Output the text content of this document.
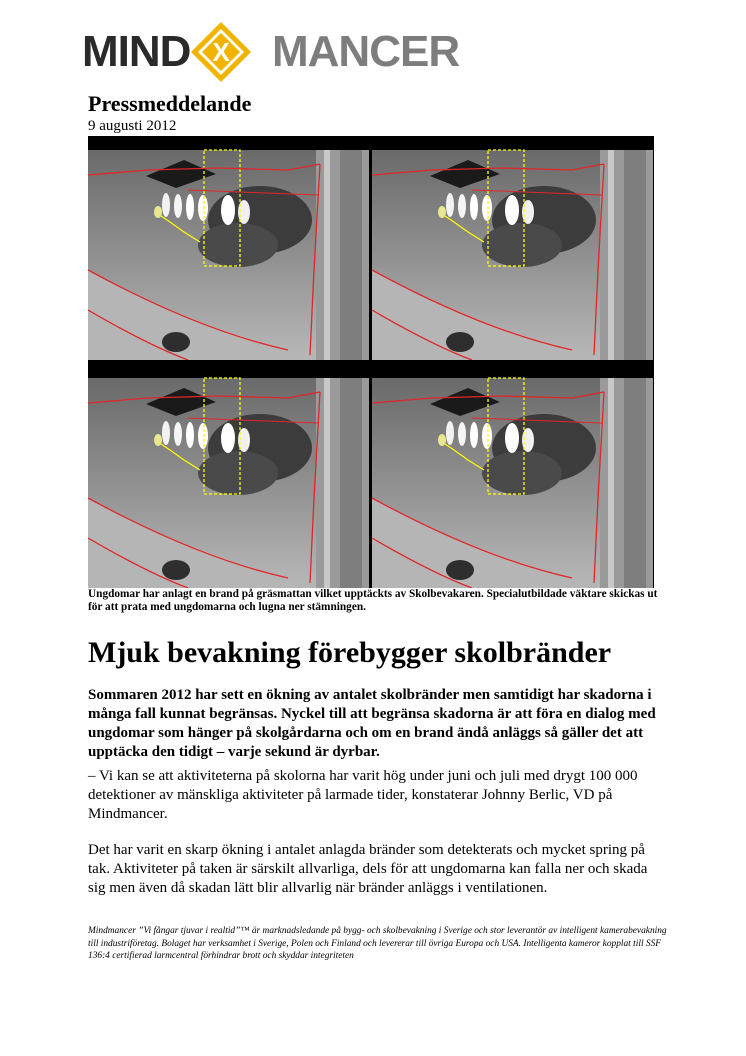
MIND X MANCER
Pressmeddelande
9 augusti 2012
Ungdomar har anlagt en brand på gräsmattan vilket upptäckts av Skolbevakaren. Specialutbildade väktare skickas ut för att prata med ungdomarna och lugna ner stämningen.
Mjuk bevakning förebygger skolbränder
Sommaren 2012 har sett en ökning av antalet skolbränder men samtidigt har skadorna i många fall kunnat begränsas. Nyckel till att begränsa skadorna är att föra en dialog med ungdomar som hänger på skolgårdarna och om en brand ändå anläggs så gäller det att upptäcka den tidigt – varje sekund är dyrbar.
– Vi kan se att aktiviteterna på skolorna har varit hög under juni och juli med drygt 100 000 detektioner av mänskliga aktiviteter på larmade tider, konstaterar Johnny Berlic, VD på Mindmancer.
Det har varit en skarp ökning i antalet anlagda bränder som detekterats och mycket spring på tak. Aktiviteter på taken är särskilt allvarliga, dels för att ungdomarna kan falla ner och skada sig men även då skadan lätt blir allvarlig när bränder anläggs i ventilationen.
Mindmancer ”Vi fångar tjuvar i realtid”™ är marknadsledande på bygg- och skolbevakning i Sverige och stor leverantör av intelligent kamerabevakning till industriföretag. Bolaget har verksamhet i Sverige, Polen och Finland och levererar till övriga Europa och USA. Intelligenta kameror kopplat till SSF 136:4 certifierad larmcentral förhindrar brott och skyddar integriteten
